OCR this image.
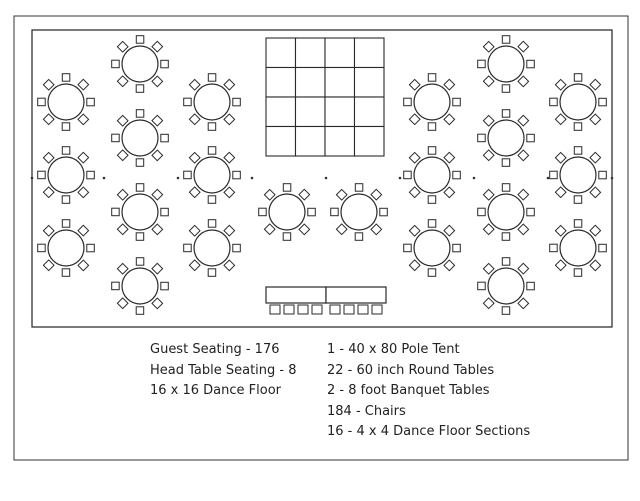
Guest Seating - 176
Head Table Seating - 8
16 x 16 Dance Floor
1 - 40 x 80 Pole Tent
22 - 60 inch Round Tables
2 - 8 foot Banquet Tables
184 - Chairs
16 - 4 x 4 Dance Floor Sections
